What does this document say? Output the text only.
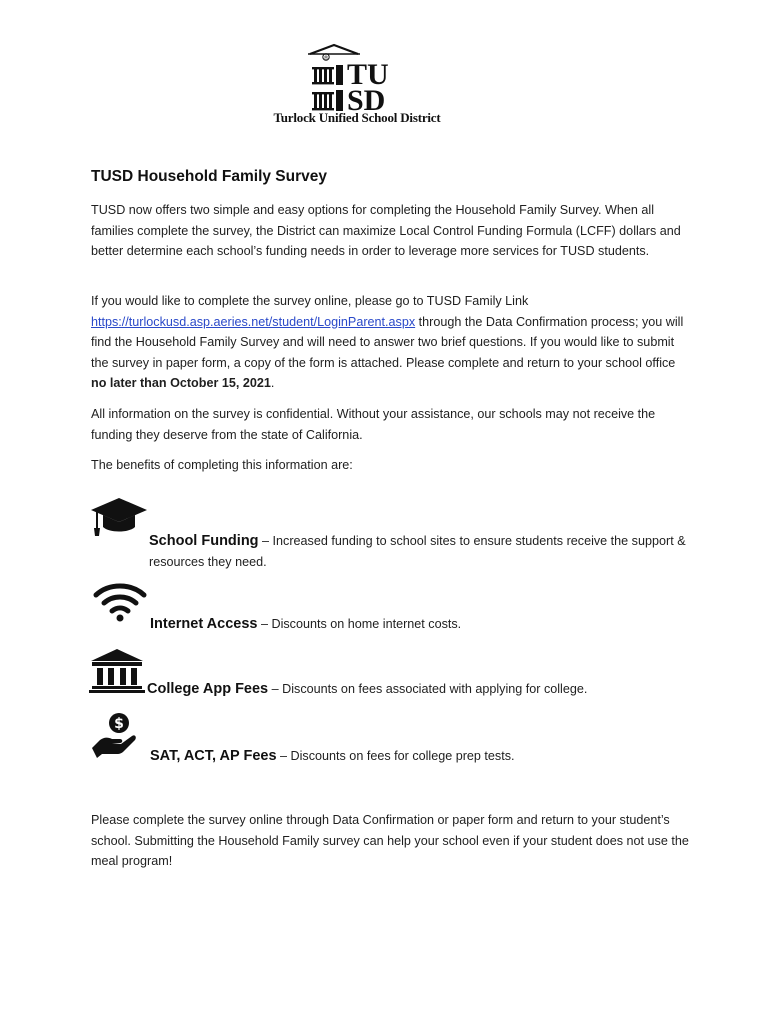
® TU
SD
Turlock Unified School District
TUSD Household Family Survey
TUSD now offers two simple and easy options for completing the Household Family Survey. When all families complete the survey, the District can maximize Local Control Funding Formula (LCFF) dollars and better determine each school’s funding needs in order to leverage more services for TUSD students.
If you would like to complete the survey online, please go to TUSD Family Link https://turlockusd.asp.aeries.net/student/LoginParent.aspx through the Data Confirmation process; you will find the Household Family Survey and will need to answer two brief questions. If you would like to submit the survey in paper form, a copy of the form is attached. Please complete and return to your school office no later than October 15, 2021.
All information on the survey is confidential. Without your assistance, our schools may not receive the funding they deserve from the state of California.
The benefits of completing this information are:
School Funding – Increased funding to school sites to ensure students receive the support & resources they need.
Internet Access – Discounts on home internet costs.
College App Fees – Discounts on fees associated with applying for college.
$
SAT, ACT, AP Fees – Discounts on fees for college prep tests.
Please complete the survey online through Data Confirmation or paper form and return to your student’s school. Submitting the Household Family survey can help your school even if your student does not use the meal program!
